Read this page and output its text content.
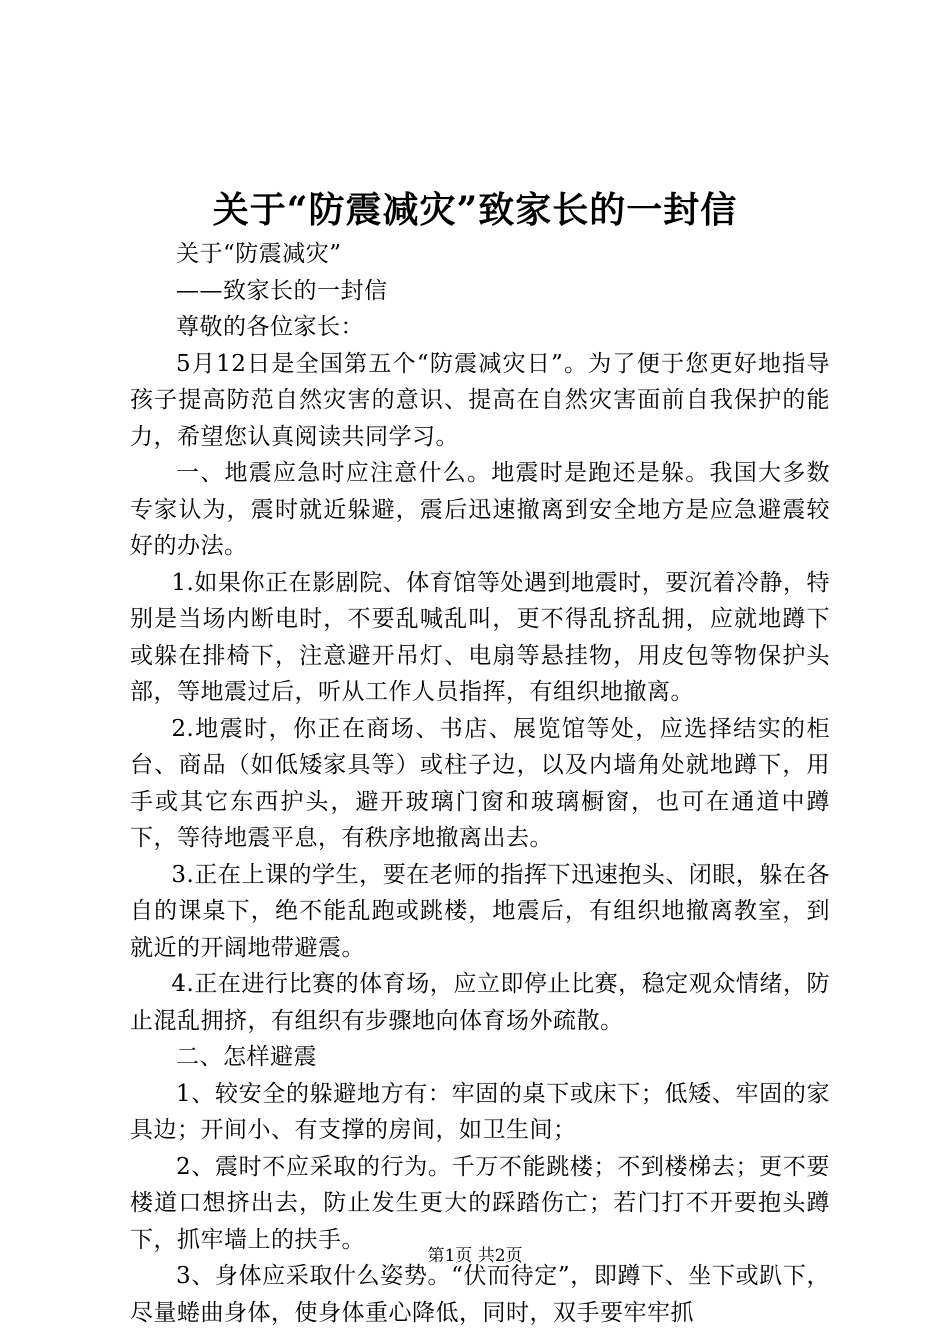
关于“防震减灾”致家长的一封信

关于“防震减灾”

——致家长的一封信

尊敬的各位家长：

5月12日是全国第五个“防震减灾日”。为了便于您更好地指导孩子提高防范自然灾害的意识、提高在自然灾害面前自我保护的能力，希望您认真阅读共同学习。

一、地震应急时应注意什么。地震时是跑还是躲。我国大多数专家认为，震时就近躲避，震后迅速撤离到安全地方是应急避震较好的办法。

1.如果你正在影剧院、体育馆等处遇到地震时，要沉着冷静，特别是当场内断电时，不要乱喊乱叫，更不得乱挤乱拥，应就地蹲下或躲在排椅下，注意避开吊灯、电扇等悬挂物，用皮包等物保护头部，等地震过后，听从工作人员指挥，有组织地撤离。

2.地震时，你正在商场、书店、展览馆等处，应选择结实的柜台、商品（如低矮家具等）或柱子边，以及内墙角处就地蹲下，用手或其它东西护头，避开玻璃门窗和玻璃橱窗，也可在通道中蹲下，等待地震平息，有秩序地撤离出去。

3.正在上课的学生，要在老师的指挥下迅速抱头、闭眼，躲在各自的课桌下，绝不能乱跑或跳楼，地震后，有组织地撤离教室，到就近的开阔地带避震。

4.正在进行比赛的体育场，应立即停止比赛，稳定观众情绪，防止混乱拥挤，有组织有步骤地向体育场外疏散。

二、怎样避震

1、较安全的躲避地方有：牢固的桌下或床下；低矮、牢固的家具边；开间小、有支撑的房间，如卫生间；

2、震时不应采取的行为。千万不能跳楼；不到楼梯去；更不要楼道口想挤出去，防止发生更大的踩踏伤亡；若门打不开要抱头蹲下，抓牢墙上的扶手。

3、身体应采取什么姿势。“伏而待定”，即蹲下、坐下或趴下，尽量蜷曲身体，使身体重心降低，同时，双手要牢牢抓

第1页 共2页
